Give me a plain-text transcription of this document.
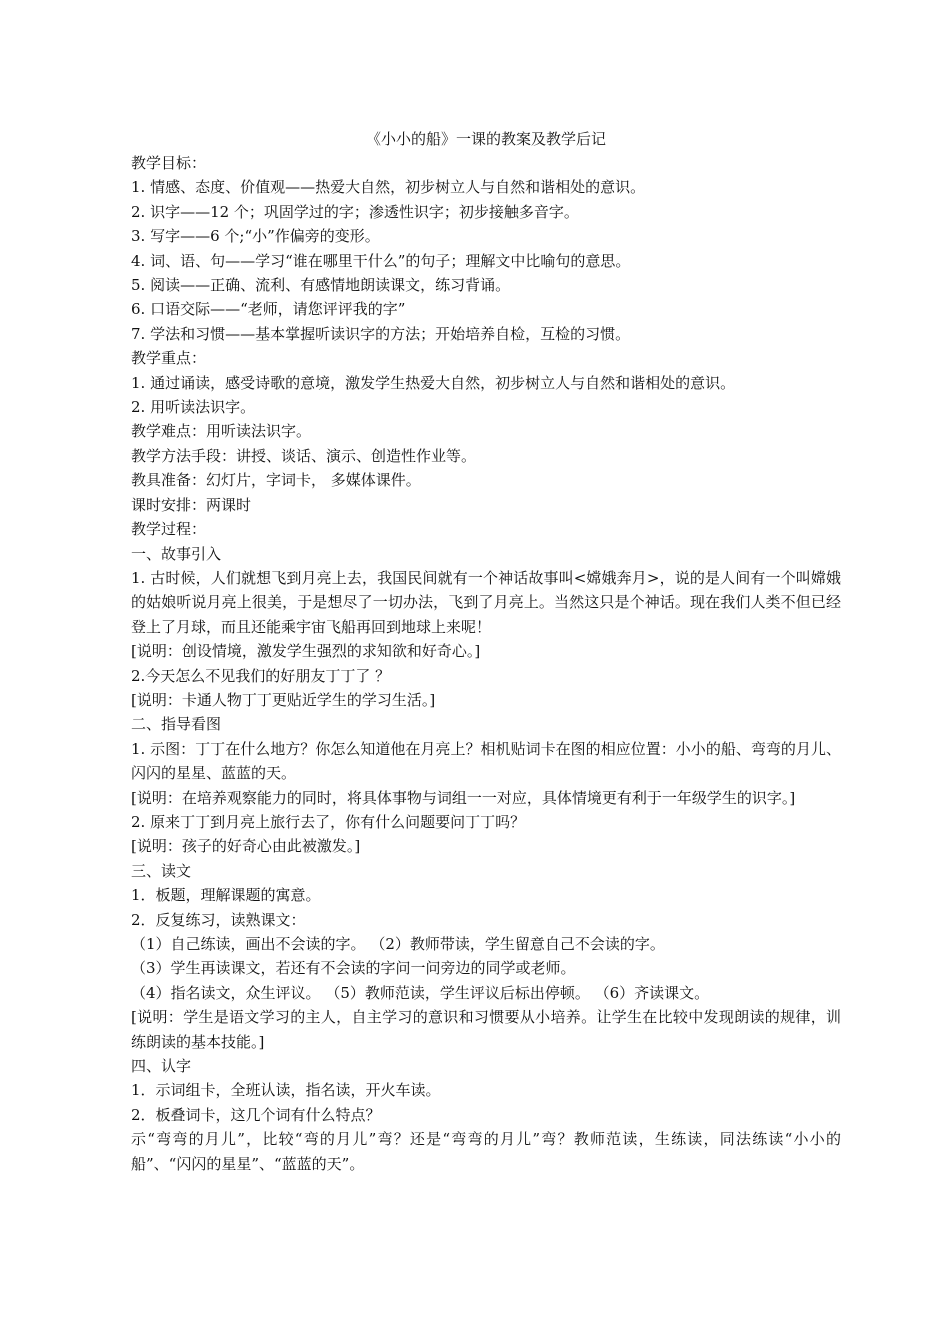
《小小的船》一课的教案及教学后记
教学目标：
1. 情感、态度、价值观——热爱大自然，初步树立人与自然和谐相处的意识。
2. 识字——12 个；巩固学过的字；渗透性识字；初步接触多音字。
3. 写字——6 个;“小”作偏旁的变形。
4. 词、语、句——学习“谁在哪里干什么”的句子；理解文中比喻句的意思。
5. 阅读——正确、流利、有感情地朗读课文，练习背诵。
6. 口语交际——“老师，请您评评我的字”
7. 学法和习惯——基本掌握听读识字的方法；开始培养自检，互检的习惯。
教学重点：
1. 通过诵读，感受诗歌的意境，激发学生热爱大自然，初步树立人与自然和谐相处的意识。
2. 用听读法识字。
教学难点：用听读法识字。
教学方法手段：讲授、谈话、演示、创造性作业等。
教具准备：幻灯片，字词卡， 多媒体课件。
课时安排：两课时
教学过程：
一、故事引入
1. 古时候，人们就想飞到月亮上去，我国民间就有一个神话故事叫<嫦娥奔月>，说的是人间有一个叫嫦娥的姑娘听说月亮上很美，于是想尽了一切办法，飞到了月亮上。当然这只是个神话。现在我们人类不但已经登上了月球，而且还能乘宇宙飞船再回到地球上来呢！
[说明：创设情境，激发学生强烈的求知欲和好奇心。]
2.今天怎么不见我们的好朋友丁丁了 ？
[说明：卡通人物丁丁更贴近学生的学习生活。]
二、指导看图
1. 示图：丁丁在什么地方？你怎么知道他在月亮上？相机贴词卡在图的相应位置：小小的船、弯弯的月儿、闪闪的星星、蓝蓝的天。
[说明：在培养观察能力的同时，将具体事物与词组一一对应，具体情境更有利于一年级学生的识字。]
2. 原来丁丁到月亮上旅行去了，你有什么问题要问丁丁吗？
[说明：孩子的好奇心由此被激发。]
三、读文
1．板题，理解课题的寓意。
2．反复练习，读熟课文：
（1）自己练读，画出不会读的字。 （2）教师带读，学生留意自己不会读的字。
（3）学生再读课文，若还有不会读的字问一问旁边的同学或老师。
（4）指名读文，众生评议。 （5）教师范读，学生评议后标出停顿。 （6）齐读课文。
[说明：学生是语文学习的主人，自主学习的意识和习惯要从小培养。让学生在比较中发现朗读的规律，训练朗读的基本技能。]
四、认字
1．示词组卡，全班认读，指名读，开火车读。
2．板叠词卡，这几个词有什么特点？
示“弯弯的月儿”，比较“弯的月儿”弯？还是“弯弯的月儿”弯？教师范读，生练读，同法练读“小小的船”、“闪闪的星星”、“蓝蓝的天”。
